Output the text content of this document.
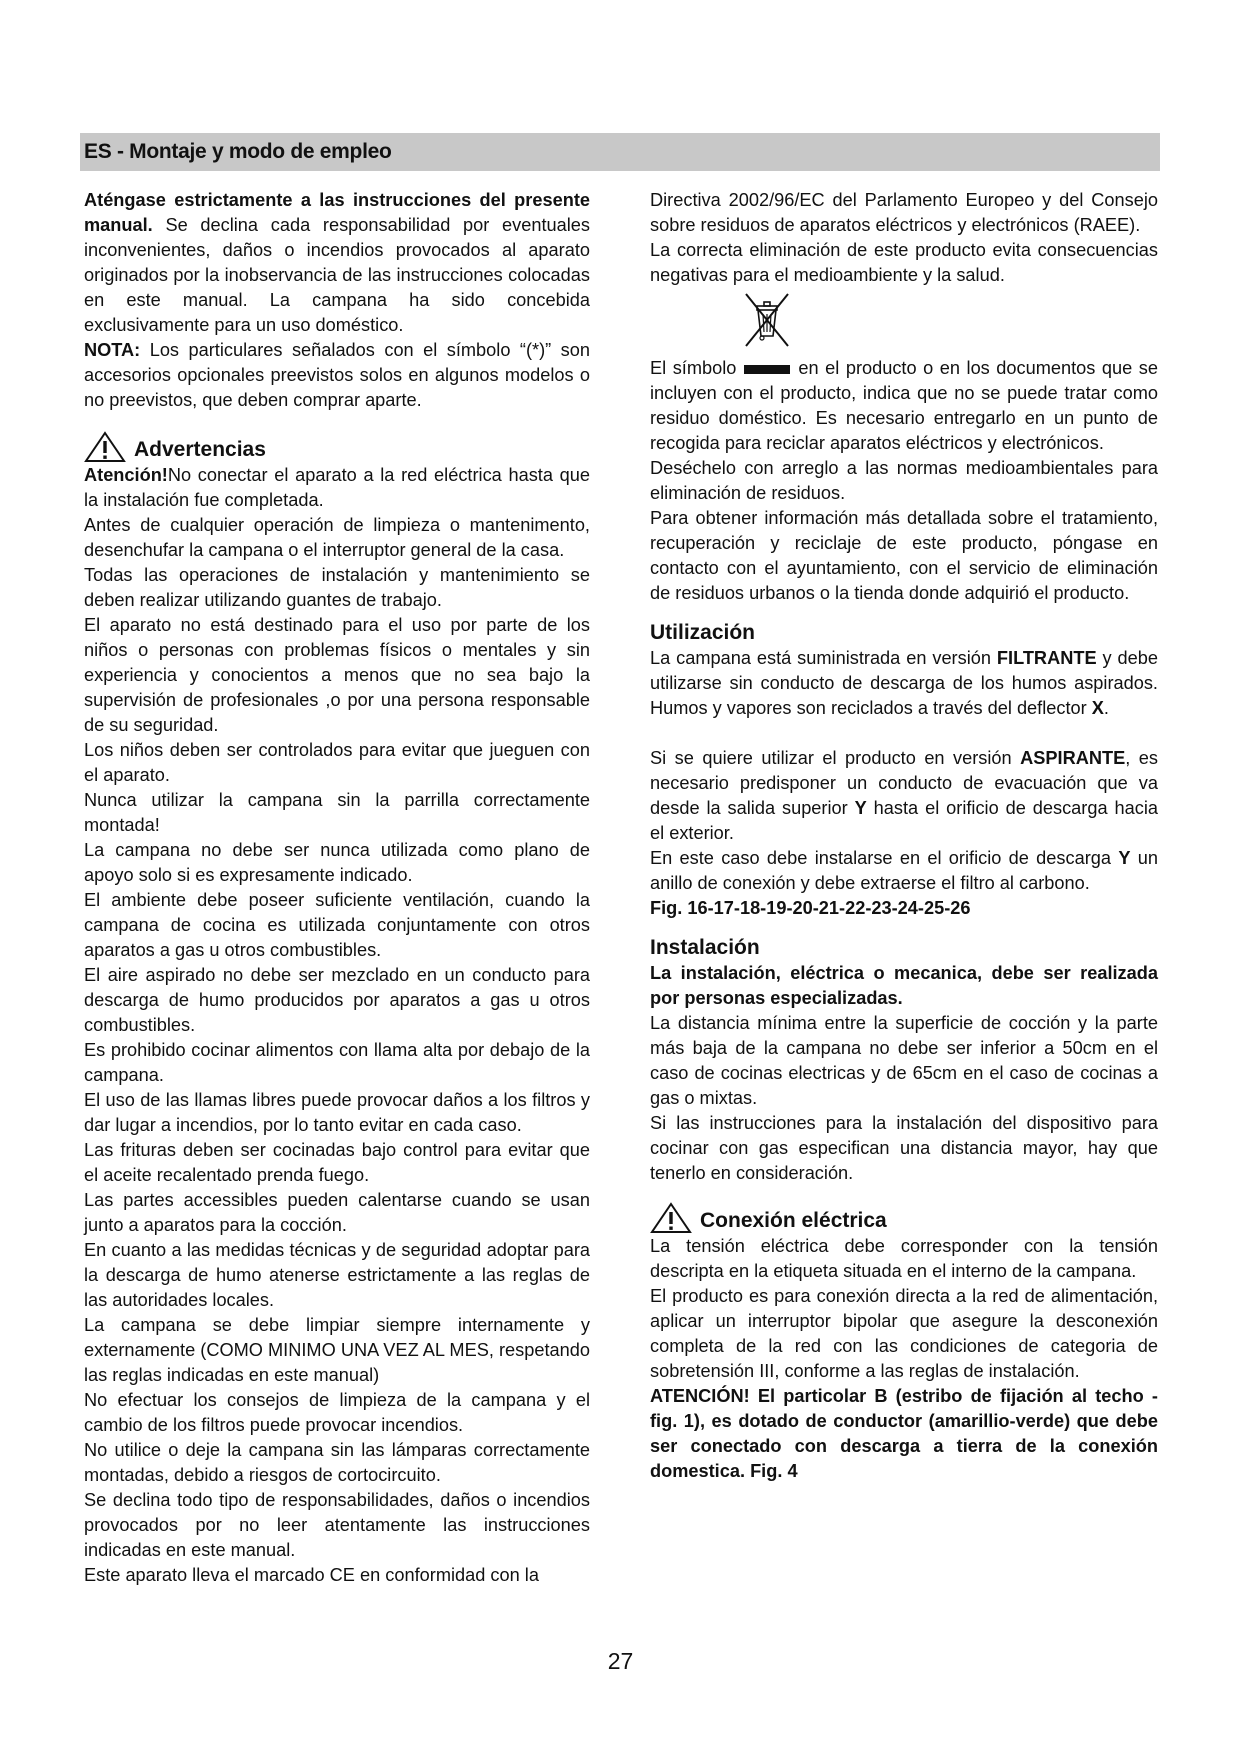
ES - Montaje y modo de empleo

Aténgase estrictamente a las instrucciones del presente manual. Se declina cada responsabilidad por eventuales inconvenientes, daños o incendios provocados al aparato originados por la inobservancia de las instrucciones colocadas en este manual. La campana ha sido concebida exclusivamente para un uso doméstico.

NOTA: Los particulares señalados con el símbolo “(*)” son accesorios opcionales preevistos solos en algunos modelos o no preevistos, que deben comprar aparte.

Advertencias

Atención!No conectar el aparato a la red eléctrica hasta que la instalación fue completada.

Antes de cualquier operación de limpieza o mantenimento, desenchufar la campana o el interruptor general de la casa.

Todas las operaciones de instalación y mantenimiento se deben realizar utilizando guantes de trabajo.

El aparato no está destinado para el uso por parte de los niños o personas con problemas físicos o mentales y sin experiencia y conocientos a menos que no sea bajo la supervisión de profesionales ,o por una persona responsable de su seguridad.

Los niños deben ser controlados para evitar que jueguen con el aparato.

Nunca utilizar la campana sin la parrilla correctamente montada!

La campana no debe ser nunca utilizada como plano de apoyo solo si es expresamente indicado.

El ambiente debe poseer suficiente ventilación, cuando la campana de cocina es utilizada conjuntamente con otros aparatos a gas u otros combustibles.

El aire aspirado no debe ser mezclado en un conducto para descarga de humo producidos por aparatos a gas u otros combustibles.

Es prohibido cocinar alimentos con llama alta por debajo de la campana.

El uso de las llamas libres puede provocar daños a los filtros y dar lugar a incendios, por lo tanto evitar en cada caso.

Las frituras deben ser cocinadas bajo control para evitar que el aceite recalentado prenda fuego.

Las partes accessibles pueden calentarse cuando se usan junto a aparatos para la cocción.

En cuanto a las medidas técnicas y de seguridad adoptar para la descarga de humo atenerse estrictamente a las reglas de las autoridades locales.

La campana se debe limpiar siempre internamente y externamente (COMO MINIMO UNA VEZ AL MES, respetando las reglas indicadas en este manual)

No efectuar los consejos de limpieza de la campana y el cambio de los filtros puede provocar incendios.

No utilice o deje la campana sin las lámparas correctamente montadas, debido a riesgos de cortocircuito.

Se declina todo tipo de responsabilidades, daños o incendios provocados por no leer atentamente las instrucciones indicadas en este manual.

Este aparato lleva el marcado CE en conformidad con la

Directiva 2002/96/EC del Parlamento Europeo y del Consejo sobre residuos de aparatos eléctricos y electrónicos (RAEE).

La correcta eliminación de este producto evita consecuencias negativas para el medioambiente y la salud.

El símbolo	en el producto o en los documentos que se incluyen con el producto, indica que no se puede tratar como residuo doméstico. Es necesario entregarlo en un punto de recogida para reciclar aparatos eléctricos y electrónicos.

Deséchelo con arreglo a las normas medioambientales para eliminación de residuos.

Para obtener información más detallada sobre el tratamiento, recuperación y reciclaje de este producto, póngase en contacto con el ayuntamiento, con el servicio de eliminación de residuos urbanos o la tienda donde adquirió el producto.

Utilización

La campana está suministrada en versión FILTRANTE y debe utilizarse sin conducto de descarga de los humos aspirados. Humos y vapores son reciclados a través del deflector X.

Si se quiere utilizar el producto en versión ASPIRANTE, es necesario predisponer un conducto de evacuación que va desde la salida superior Y hasta el orificio de descarga hacia el exterior.

En este caso debe instalarse en el orificio de descarga Y un anillo de conexión y debe extraerse el filtro al carbono.

Fig. 16-17-18-19-20-21-22-23-24-25-26

Instalación

La instalación, eléctrica o mecanica, debe ser realizada por personas especializadas.

La distancia mínima entre la superficie de cocción y la parte más baja de la campana no debe ser inferior a 50cm en el caso de cocinas electricas y de 65cm en el caso de cocinas a gas o mixtas.

Si las instrucciones para la instalación del dispositivo para cocinar con gas especifican una distancia mayor, hay que tenerlo en consideración.

Conexión eléctrica

La tensión eléctrica debe corresponder con la tensión descripta en la etiqueta situada en el interno de la campana.

El producto es para conexión directa a la red de alimentación, aplicar un interruptor bipolar que asegure la desconexión completa de la red con las condiciones de categoria de sobretensión III, conforme a las reglas de instalación.

ATENCIÓN! El particolar B (estribo de fijación al techo - fig. 1), es dotado de conductor (amarillio-verde) que debe ser conectado con descarga a tierra de la conexión domestica. Fig. 4

27
